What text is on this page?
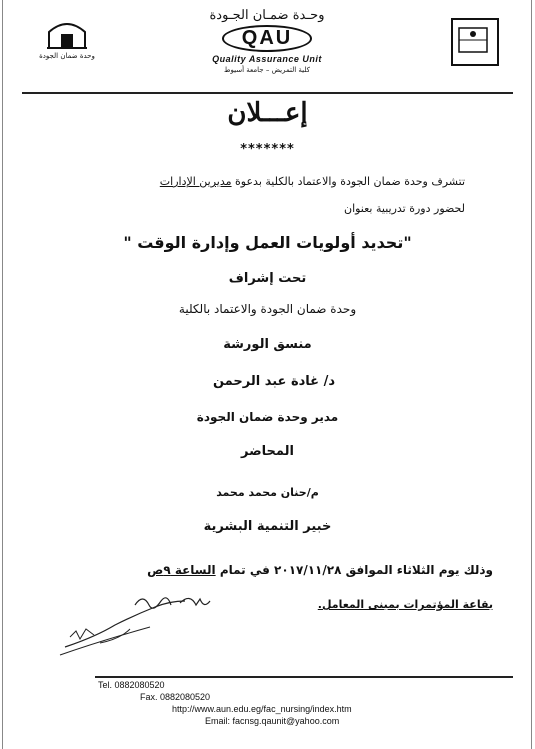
وحدة ضمان الجودة
وحـدة ضمـان الجـودة
QAU
Quality Assurance Unit
كلية التمريض – جامعة أسيوط
إعـــلان
*******
تتشرف وحدة ضمان الجودة والاعتماد بالكلية بدعوة مديرين الإدارات
لحضور دورة تدريبية بعنوان
"تحديد أولويات العمل وإدارة الوقت "
تحت إشراف
وحدة ضمان الجودة والاعتماد بالكلية
منسق الورشة
د/ غادة عبد الرحمن
مدير وحدة ضمان الجودة
المحاضر
م/حنان محمد محمد
خبير التنمية البشرية
وذلك يوم الثلاثاء الموافق ٢٠١٧/١١/٢٨ في تمام الساعة ٩ص
بقاعة المؤتمرات بمبنى المعامل.
Tel. 0882080520
Fax. 0882080520
http://www.aun.edu.eg/fac_nursing/index.htm
Email: facnsg.qaunit@yahoo.com
